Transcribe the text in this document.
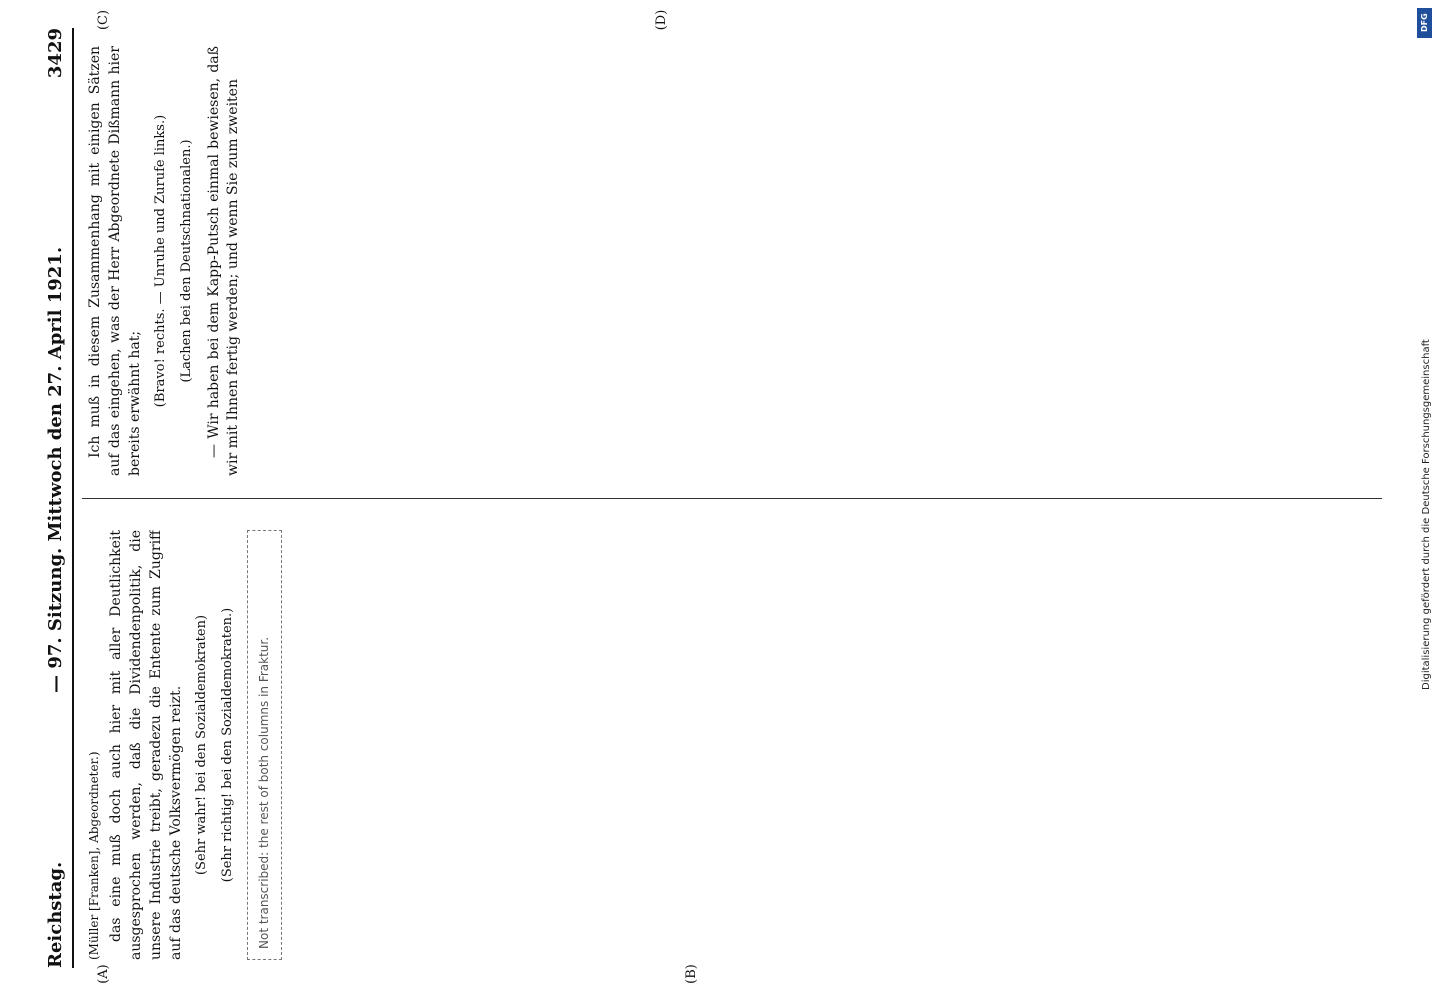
Reichstag.
— 97. Sitzung. Mittwoch den 27. April 1921.
3429
(A)	(B)
(C)	(D)

(Müller [Franken], Abgeordneter.) das eine muß doch auch hier mit aller Deutlichkeit ausgesprochen werden, daß die Dividendenpolitik, die unsere Industrie treibt, geradezu die Entente zum Zugriff auf das deutsche Volksvermögen reizt. (Sehr wahr! bei den Sozialdemokraten) (Sehr richtig! bei den Sozialdemokraten.)	Not transcribed: the rest of both columns in Fraktur.

Ich muß in diesem Zusammenhang mit einigen Sätzen auf das eingehen, was der Herr Abgeordnete Dißmann hier bereits erwähnt hat; (Bravo! rechts. — Unruhe und Zurufe links.) (Lachen bei den Deutschnationalen.) — Wir haben bei dem Kapp-Putsch einmal bewiesen, daß wir mit Ihnen fertig werden; und wenn Sie zum zweiten

DFG
Digitalisierung gefördert durch die Deutsche Forschungsgemeinschaft
